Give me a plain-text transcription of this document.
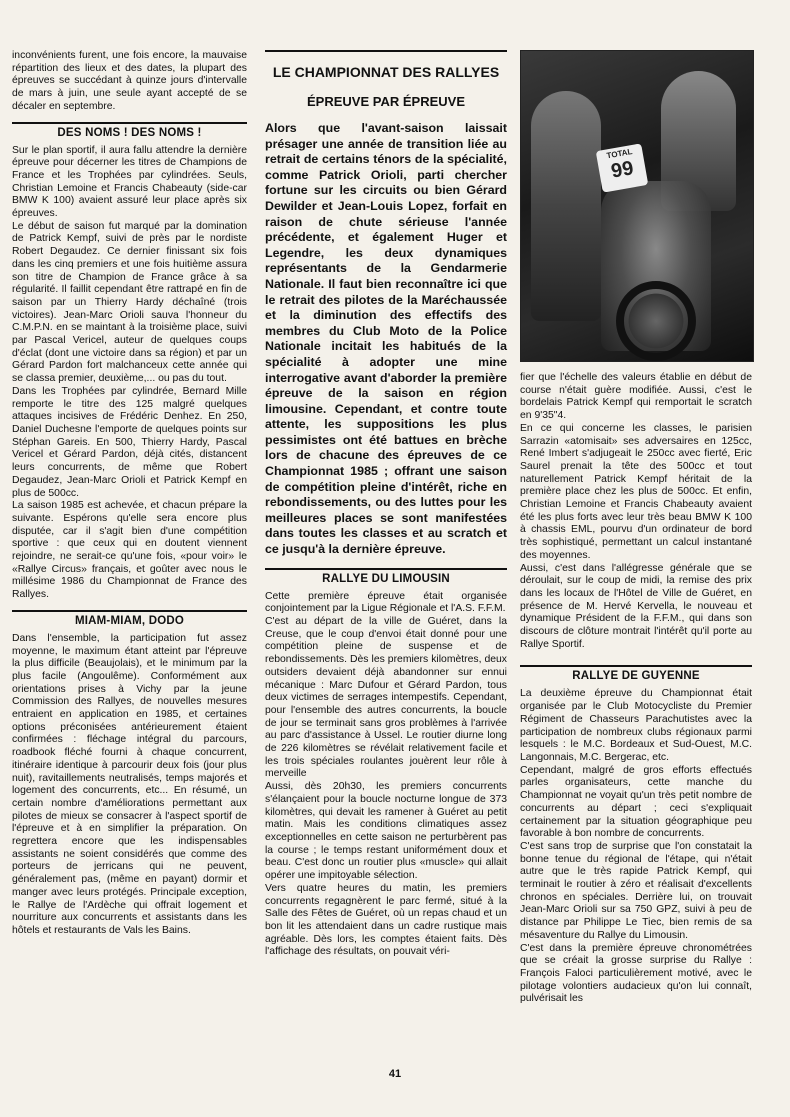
inconvénients furent, une fois encore, la mauvaise répartition des lieux et des dates, la plupart des épreuves se succédant à quinze jours d'intervalle de mars à juin, une seule ayant accepté de se décaler en septembre.

DES NOMS ! DES NOMS !

Sur le plan sportif, il aura fallu attendre la dernière épreuve pour décerner les titres de Champions de France et les Trophées par cylindrées. Seuls, Christian Lemoine et Francis Chabeauty (side-car BMW K 100) avaient assuré leur place après six épreuves.

Le début de saison fut marqué par la domination de Patrick Kempf, suivi de près par le nordiste Robert Degaudez. Ce dernier finissant six fois dans les cinq premiers et une fois huitième assura son titre de Champion de France grâce à sa régularité. Il faillit cependant être rattrapé en fin de saison par un Thierry Hardy déchaîné (trois victoires). Jean-Marc Orioli sauva l'honneur du C.M.P.N. en se maintant à la troisième place, suivi par Pascal Vericel, auteur de quelques coups d'éclat (dont une victoire dans sa région) et par un Gérard Pardon fort malchanceux cette année qui se classa premier, deuxième,... ou pas du tout.

Dans les Trophées par cylindrée, Bernard Mille remporte le titre des 125 malgré quelques attaques incisives de Frédéric Denhez. En 250, Daniel Duchesne l'emporte de quelques points sur Stéphan Gareis. En 500, Thierry Hardy, Pascal Vericel et Gérard Pardon, déjà cités, distancent leurs concurrents, de même que Robert Degaudez, Jean-Marc Orioli et Patrick Kempf en plus de 500cc.

La saison 1985 est achevée, et chacun prépare la suivante. Espérons qu'elle sera encore plus disputée, car il s'agit bien d'une compétition sportive : que ceux qui en doutent viennent rejoindre, ne serait-ce qu'une fois, «pour voir» le «Rallye Circus» français, et goûter avec nous le millésime 1986 du Championnat de France des Rallyes.

MIAM-MIAM, DODO

Dans l'ensemble, la participation fut assez moyenne, le maximum étant atteint par l'épreuve la plus difficile (Beaujolais), et le minimum par la plus facile (Angoulême). Conformément aux orientations prises à Vichy par la jeune Commission des Rallyes, de nouvelles mesures entraient en application en 1985, et certaines options préconisées antérieurement étaient confirmées : fléchage intégral du parcours, roadbook fléché fourni à chaque concurrent, itinéraire identique à parcourir deux fois (jour plus nuit), ravitaillements neutralisés, temps majorés et logement des concurrents, etc... En résumé, un certain nombre d'améliorations permettant aux pilotes de mieux se consacrer à l'aspect sportif de l'épreuve et à en simplifier la préparation. On regrettera encore que les indispensables assistants ne soient considérés que comme des porteurs de jerricans qui ne peuvent, généralement pas, (même en payant) dormir et manger avec leurs protégés. Principale exception, le Rallye de l'Ardèche qui offrait logement et nourriture aux concurrents et assistants dans les hôtels et restaurants de Vals les Bains.

LE CHAMPIONNAT DES RALLYES
ÉPREUVE PAR ÉPREUVE

Alors que l'avant-saison laissait présager une année de transition liée au retrait de certains ténors de la spécialité, comme Patrick Orioli, parti chercher fortune sur les circuits ou bien Gérard Dewilder et Jean-Louis Lopez, forfait en raison de chute sérieuse l'année précédente, et également Huger et Legendre, les deux dynamiques représentants de la Gendarmerie Nationale. Il faut bien reconnaître ici que le retrait des pilotes de la Maréchaussée et la diminution des effectifs des membres du Club Moto de la Police Nationale incitait les habitués de la spécialité à adopter une mine interrogative avant d'aborder la première épreuve de la saison en région limousine. Cependant, et contre toute attente, les suppositions les plus pessimistes ont été battues en brèche lors de chacune des épreuves de ce Championnat 1985 ; offrant une saison de compétition pleine d'intérêt, riche en rebondissements, ou des luttes pour les meilleures places se sont manifestées dans toutes les classes et au scratch et ce jusqu'à la dernière épreuve.

RALLYE DU LIMOUSIN

Cette première épreuve était organisée conjointement par la Ligue Régionale et l'A.S. F.F.M.

C'est au départ de la ville de Guéret, dans la Creuse, que le coup d'envoi était donné pour une compétition pleine de suspense et de rebondissements. Dès les premiers kilomètres, deux outsiders devaient déjà abandonner sur ennui mécanique : Marc Dufour et Gérard Pardon, tous deux victimes de serrages intempestifs. Cependant, pour l'ensemble des autres concurrents, la boucle de jour se terminait sans gros problèmes à l'arrivée au parc d'assistance à Ussel. Le routier diurne long de 226 kilomètres se révélait relativement facile et les trois spéciales roulantes jouèrent leur rôle à merveille

Aussi, dès 20h30, les premiers concurrents s'élançaient pour la boucle nocturne longue de 373 kilomètres, qui devait les ramener à Guéret au petit matin. Mais les conditions climatiques assez exceptionnelles en cette saison ne perturbèrent pas la course ; le temps restant uniformément doux et beau. C'est donc un routier plus «muscle» qui allait opérer une impitoyable sélection.

Vers quatre heures du matin, les premiers concurrents regagnèrent le parc fermé, situé à la Salle des Fêtes de Guéret, où un repas chaud et un bon lit les attendaient dans un cadre rustique mais agréable. Dès lors, les comptes étaient faits. Dès l'affichage des résultats, on pouvait véri-

TOTAL
99

fier que l'échelle des valeurs établie en début de course n'était guère modifiée. Aussi, c'est le bordelais Patrick Kempf qui remportait le scratch en 9'35"4.

En ce qui concerne les classes, le parisien Sarrazin «atomisait» ses adversaires en 125cc, René Imbert s'adjugeait le 250cc avec fierté, Eric Saurel prenait la tête des 500cc et tout naturellement Patrick Kempf héritait de la première place chez les plus de 500cc. Et enfin, Christian Lemoine et Francis Chabeauty avaient été les plus forts avec leur très beau BMW K 100 à chassis EML, pourvu d'un ordinateur de bord très sophistiqué, permettant un calcul instantané des moyennes.

Aussi, c'est dans l'allégresse générale que se déroulait, sur le coup de midi, la remise des prix dans les locaux de l'Hôtel de Ville de Guéret, en présence de M. Hervé Kervella, le nouveau et dynamique Président de la F.F.M., qui dans son discours de clôture montrait l'intérêt qu'il porte au Rallye Sportif.

RALLYE DE GUYENNE

La deuxième épreuve du Championnat était organisée par le Club Motocycliste du Premier Régiment de Chasseurs Parachutistes avec la participation de nombreux clubs régionaux parmi lesquels : le M.C. Bordeaux et Sud-Ouest, M.C. Langonnais, M.C. Bergerac, etc.

Cependant, malgré de gros efforts effectués parles organisateurs, cette manche du Championnat ne voyait qu'un très petit nombre de concurrents au départ ; ceci s'expliquait certainement par la situation géographique peu favorable à bon nombre de concurrents.

C'est sans trop de surprise que l'on constatait la bonne tenue du régional de l'étape, qui n'était autre que le très rapide Patrick Kempf, qui terminait le routier à zéro et réalisait d'excellents chronos en spéciales. Derrière lui, on trouvait Jean-Marc Orioli sur sa 750 GPZ, suivi à peu de distance par Philippe Le Tiec, bien remis de sa mésaventure du Rallye du Limousin.

C'est dans la première épreuve chronométrées que se créait la grosse surprise du Rallye : François Faloci particulièrement motivé, avec le pilotage volontiers audacieux qu'on lui connaît, pulvérisait les

41
